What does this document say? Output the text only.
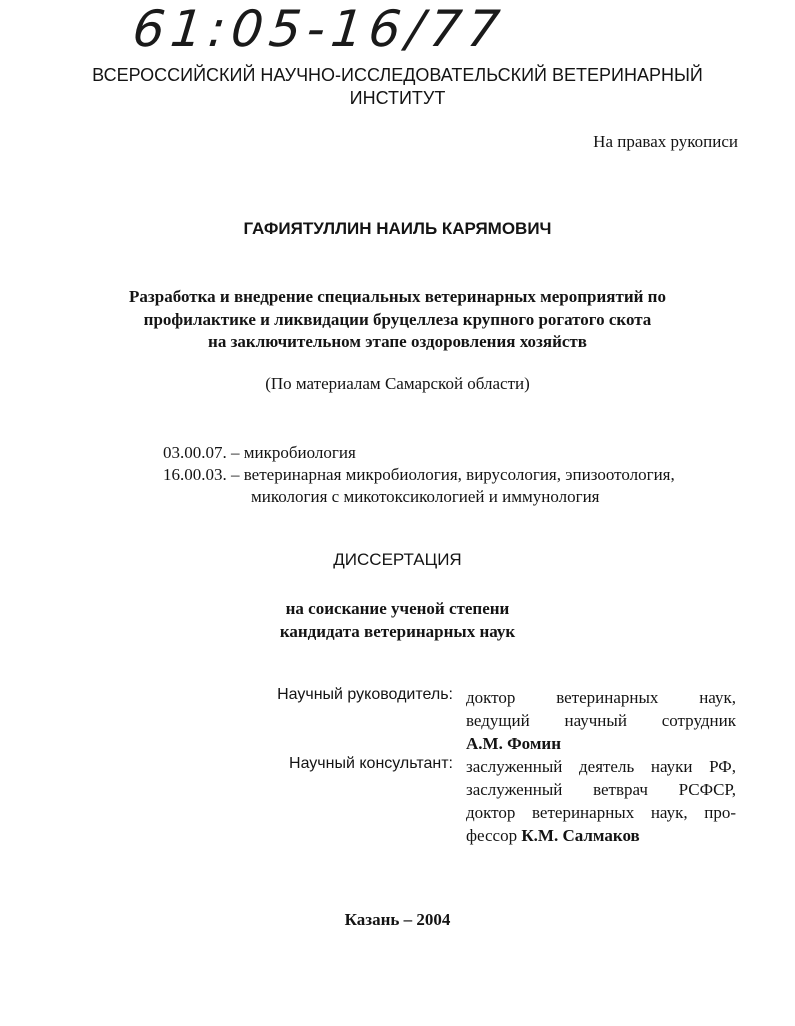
61:05-16/77
ВСЕРОССИЙСКИЙ НАУЧНО-ИССЛЕДОВАТЕЛЬСКИЙ ВЕТЕРИНАРНЫЙ
ИНСТИТУТ
На правах рукописи
ГАФИЯТУЛЛИН НАИЛЬ КАРЯМОВИЧ
Разработка и внедрение специальных ветеринарных мероприятий по
профилактике и ликвидации бруцеллеза крупного рогатого скота
на заключительном этапе оздоровления хозяйств
(По материалам Самарской области)
03.00.07. – микробиология
16.00.03. – ветеринарная микробиология, вирусология, эпизоотология,
микология с микотоксикологией и иммунология
ДИССЕРТАЦИЯ
на соискание ученой степени
кандидата ветеринарных наук
Научный руководитель: доктор ветеринарных наук,
ведущий научный сотрудник
А.М. Фомин
Научный консультант: заслуженный деятель науки РФ,
заслуженный ветврач РСФСР,
доктор ветеринарных наук, про-
фессор К.М. Салмаков
Казань – 2004
